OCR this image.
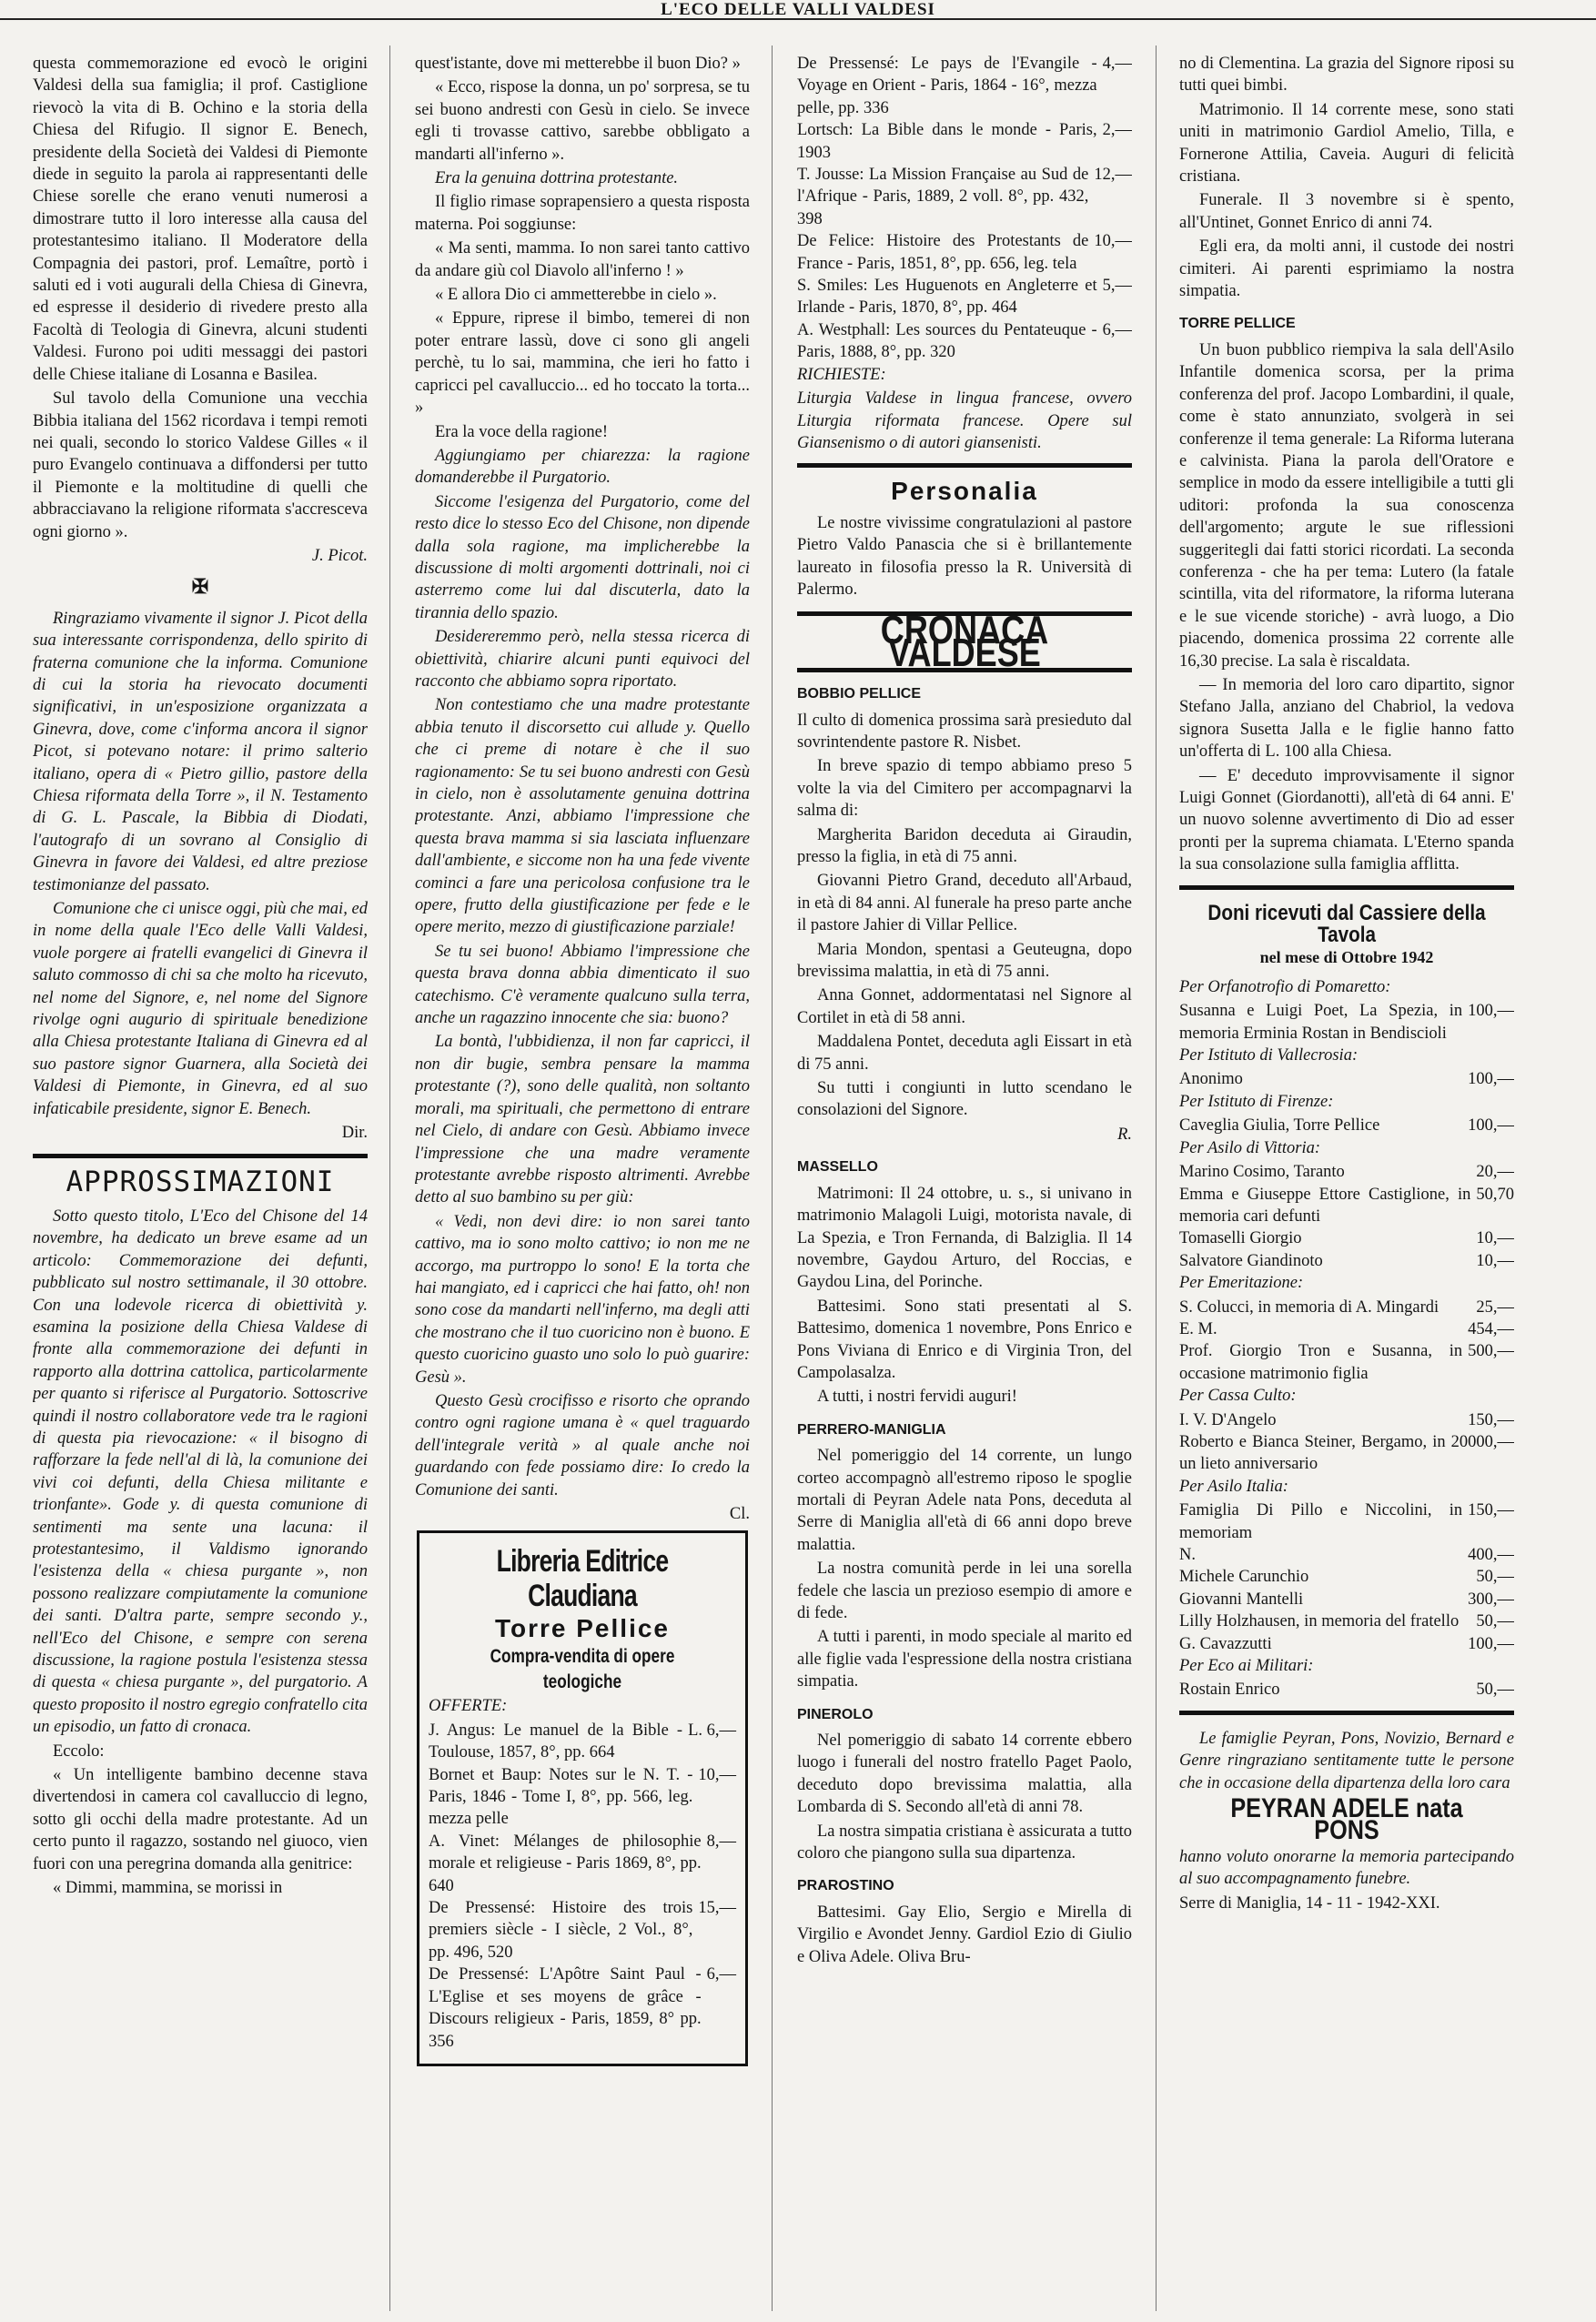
L'ECO DELLE VALLI VALDESI

questa commemorazione ed evocò le origini Valdesi della sua famiglia; il prof. Castiglione rievocò la vita di B. Ochino e la storia della Chiesa del Rifugio. Il signor E. Benech, presidente della Società dei Valdesi di Piemonte diede in seguito la parola ai rappresentanti delle Chiese sorelle che erano venuti numerosi a dimostrare tutto il loro interesse alla causa del protestantesimo italiano. Il Moderatore della Compagnia dei pastori, prof. Lemaître, portò i saluti ed i voti augurali della Chiesa di Ginevra, ed espresse il desiderio di rivedere presto alla Facoltà di Teologia di Ginevra, alcuni studenti Valdesi. Furono poi uditi messaggi dei pastori delle Chiese italiane di Losanna e Basilea.

Sul tavolo della Comunione una vecchia Bibbia italiana del 1562 ricordava i tempi remoti nei quali, secondo lo storico Valdese Gilles « il puro Evangelo continuava a diffondersi per tutto il Piemonte e la moltitudine di quelli che abbracciavano la religione riformata s'accresceva ogni giorno ».

J. Picot.

✠

Ringraziamo vivamente il signor J. Picot della sua interessante corrispondenza, dello spirito di fraterna comunione che la informa. Comunione di cui la storia ha rievocato documenti significativi, in un'esposizione organizzata a Ginevra, dove, come c'informa ancora il signor Picot, si potevano notare: il primo salterio italiano, opera di « Pietro gillio, pastore della Chiesa riformata della Torre », il N. Testamento di G. L. Pascale, la Bibbia di Diodati, l'autografo di un sovrano al Consiglio di Ginevra in favore dei Valdesi, ed altre preziose testimonianze del passato.

Comunione che ci unisce oggi, più che mai, ed in nome della quale l'Eco delle Valli Valdesi, vuole porgere ai fratelli evangelici di Ginevra il saluto commosso di chi sa che molto ha ricevuto, nel nome del Signore, e, nel nome del Signore rivolge ogni augurio di spirituale benedizione alla Chiesa protestante Italiana di Ginevra ed al suo pastore signor Guarnera, alla Società dei Valdesi di Piemonte, in Ginevra, ed al suo infaticabile presidente, signor E. Benech.

Dir.

APPROSSIMAZIONI

Sotto questo titolo, L'Eco del Chisone del 14 novembre, ha dedicato un breve esame ad un articolo: Commemorazione dei defunti, pubblicato sul nostro settimanale, il 30 ottobre. Con una lodevole ricerca di obiettività y. esamina la posizione della Chiesa Valdese di fronte alla commemorazione dei defunti in rapporto alla dottrina cattolica, particolarmente per quanto si riferisce al Purgatorio. Sottoscrive quindi il nostro collaboratore vede tra le ragioni di questa pia rievocazione: « il bisogno di rafforzare la fede nell'al di là, la comunione dei vivi coi defunti, della Chiesa militante e trionfante». Gode y. di questa comunione di sentimenti ma sente una lacuna: il protestantesimo, il Valdismo ignorando l'esistenza della « chiesa purgante », non possono realizzare compiutamente la comunione dei santi. D'altra parte, sempre secondo y., nell'Eco del Chisone, e sempre con serena discussione, la ragione postula l'esistenza stessa di questa « chiesa purgante », del purgatorio. A questo proposito il nostro egregio confratello cita un episodio, un fatto di cronaca.

Eccolo:

« Un intelligente bambino decenne stava divertendosi in camera col cavalluccio di legno, sotto gli occhi della madre protestante. Ad un certo punto il ragazzo, sostando nel giuoco, vien fuori con una peregrina domanda alla genitrice:

« Dimmi, mammina, se morissi in

quest'istante, dove mi metterebbe il buon Dio? »

« Ecco, rispose la donna, un po' sorpresa, se tu sei buono andresti con Gesù in cielo. Se invece egli ti trovasse cattivo, sarebbe obbligato a mandarti all'inferno ».

Era la genuina dottrina protestante.

Il figlio rimase soprapensiero a questa risposta materna. Poi soggiunse:

« Ma senti, mamma. Io non sarei tanto cattivo da andare giù col Diavolo all'inferno ! »

« E allora Dio ci ammetterebbe in cielo ».

« Eppure, riprese il bimbo, temerei di non poter entrare lassù, dove ci sono gli angeli perchè, tu lo sai, mammina, che ieri ho fatto i capricci pel cavalluccio... ed ho toccato la torta... »

Era la voce della ragione!

Aggiungiamo per chiarezza: la ragione domanderebbe il Purgatorio.

Siccome l'esigenza del Purgatorio, come del resto dice lo stesso Eco del Chisone, non dipende dalla sola ragione, ma implicherebbe la discussione di molti argomenti dottrinali, noi ci asterremo come lui dal discuterla, dato la tirannia dello spazio.

Desidereremmo però, nella stessa ricerca di obiettività, chiarire alcuni punti equivoci del racconto che abbiamo sopra riportato.

Non contestiamo che una madre protestante abbia tenuto il discorsetto cui allude y. Quello che ci preme di notare è che il suo ragionamento: Se tu sei buono andresti con Gesù in cielo, non è assolutamente genuina dottrina protestante. Anzi, abbiamo l'impressione che questa brava mamma si sia lasciata influenzare dall'ambiente, e siccome non ha una fede vivente cominci a fare una pericolosa confusione tra le opere, frutto della giustificazione per fede e le opere merito, mezzo di giustificazione parziale!

Se tu sei buono! Abbiamo l'impressione che questa brava donna abbia dimenticato il suo catechismo. C'è veramente qualcuno sulla terra, anche un ragazzino innocente che sia: buono?

La bontà, l'ubbidienza, il non far capricci, il non dir bugie, sembra pensare la mamma protestante (?), sono delle qualità, non soltanto morali, ma spirituali, che permettono di entrare nel Cielo, di andare con Gesù. Abbiamo invece l'impressione che una madre veramente protestante avrebbe risposto altrimenti. Avrebbe detto al suo bambino su per giù:

« Vedi, non devi dire: io non sarei tanto cattivo, ma io sono molto cattivo; io non me ne accorgo, ma purtroppo lo sono! E la torta che hai mangiato, ed i capricci che hai fatto, oh! non sono cose da mandarti nell'inferno, ma degli atti che mostrano che il tuo cuoricino non è buono. E questo cuoricino guasto uno solo lo può guarire: Gesù ».

Questo Gesù crocifisso e risorto che oprando contro ogni ragione umana è « quel traguardo dell'integrale verità » al quale anche noi guardando con fede possiamo dire: Io credo la Comunione dei santi.

Cl.

Libreria Editrice Claudiana
Torre Pellice
Compra-vendita di opere teologiche

OFFERTE:

J. Angus: Le manuel de la Bible - Toulouse, 1857, 8°, pp. 664
L. 6,—
Bornet et Baup: Notes sur le N. T. - Paris, 1846 - Tome I, 8°, pp. 566, leg. mezza pelle
10,—
A. Vinet: Mélanges de philosophie morale et religieuse - Paris 1869, 8°, pp. 640
8,—
De Pressensé: Histoire des trois premiers siècle - I siècle, 2 Vol., 8°, pp. 496, 520
15,—
De Pressensé: L'Apôtre Saint Paul - L'Eglise et ses moyens de grâce - Discours religieux - Paris, 1859, 8° pp. 356
6,—
De Pressensé: Le pays de l'Evangile - Voyage en Orient - Paris, 1864 - 16°, mezza pelle, pp. 336
4,—
Lortsch: La Bible dans le monde - Paris, 1903
2,—
T. Jousse: La Mission Française au Sud de l'Afrique - Paris, 1889, 2 voll. 8°, pp. 432, 398
12,—
De Felice: Histoire des Protestants de France - Paris, 1851, 8°, pp. 656, leg. tela
10,—
S. Smiles: Les Huguenots en Angleterre et Irlande - Paris, 1870, 8°, pp. 464
5,—
A. Westphall: Les sources du Pentateuque - Paris, 1888, 8°, pp. 320
6,—

RICHIESTE:

Liturgia Valdese in lingua francese, ovvero Liturgia riformata francese. Opere sul Giansenismo o di autori giansenisti.

Personalia

Le nostre vivissime congratulazioni al pastore Pietro Valdo Panascia che si è brillantemente laureato in filosofia presso la R. Università di Palermo.

CRONACA VALDESE
BOBBIO PELLICE

Il culto di domenica prossima sarà presieduto dal sovrintendente pastore R. Nisbet.

In breve spazio di tempo abbiamo preso 5 volte la via del Cimitero per accompagnarvi la salma di:

Margherita Baridon deceduta ai Giraudin, presso la figlia, in età di 75 anni.

Giovanni Pietro Grand, deceduto all'Arbaud, in età di 84 anni. Al funerale ha preso parte anche il pastore Jahier di Villar Pellice.

Maria Mondon, spentasi a Geuteugna, dopo brevissima malattia, in età di 75 anni.

Anna Gonnet, addormentatasi nel Signore al Cortilet in età di 58 anni.

Maddalena Pontet, deceduta agli Eissart in età di 75 anni.

Su tutti i congiunti in lutto scendano le consolazioni del Signore.

R.

MASSELLO

Matrimoni: Il 24 ottobre, u. s., si univano in matrimonio Malagoli Luigi, motorista navale, di La Spezia, e Tron Fernanda, di Balziglia. Il 14 novembre, Gaydou Arturo, del Roccias, e Gaydou Lina, del Porinche.

Battesimi. Sono stati presentati al S. Battesimo, domenica 1 novembre, Pons Enrico e Pons Viviana di Enrico e di Virginia Tron, del Campolasalza.

A tutti, i nostri fervidi auguri!

PERRERO-MANIGLIA

Nel pomeriggio del 14 corrente, un lungo corteo accompagnò all'estremo riposo le spoglie mortali di Peyran Adele nata Pons, deceduta al Serre di Maniglia all'età di 66 anni dopo breve malattia.

La nostra comunità perde in lei una sorella fedele che lascia un prezioso esempio di amore e di fede.

A tutti i parenti, in modo speciale al marito ed alle figlie vada l'espressione della nostra cristiana simpatia.

PINEROLO

Nel pomeriggio di sabato 14 corrente ebbero luogo i funerali del nostro fratello Paget Paolo, deceduto dopo brevissima malattia, alla Lombarda di S. Secondo all'età di anni 78.

La nostra simpatia cristiana è assicurata a tutto coloro che piangono sulla sua dipartenza.

PRAROSTINO

Battesimi. Gay Elio, Sergio e Mirella di Virgilio e Avondet Jenny. Gardiol Ezio di Giulio e Oliva Adele. Oliva Bru-

no di Clementina. La grazia del Signore riposi su tutti quei bimbi.

Matrimonio. Il 14 corrente mese, sono stati uniti in matrimonio Gardiol Amelio, Tilla, e Fornerone Attilia, Caveia. Auguri di felicità cristiana.

Funerale. Il 3 novembre si è spento, all'Untinet, Gonnet Enrico di anni 74.

Egli era, da molti anni, il custode dei nostri cimiteri. Ai parenti esprimiamo la nostra simpatia.

TORRE PELLICE

Un buon pubblico riempiva la sala dell'Asilo Infantile domenica scorsa, per la prima conferenza del prof. Jacopo Lombardini, il quale, come è stato annunziato, svolgerà in sei conferenze il tema generale: La Riforma luterana e calvinista. Piana la parola dell'Oratore e semplice in modo da essere intelligibile a tutti gli uditori: profonda la sua conoscenza dell'argomento; argute le sue riflessioni suggeritegli dai fatti storici ricordati. La seconda conferenza - che ha per tema: Lutero (la fatale scintilla, vita del riformatore, la riforma luterana e le sue vicende storiche) - avrà luogo, a Dio piacendo, domenica prossima 22 corrente alle 16,30 precise. La sala è riscaldata.

— In memoria del loro caro dipartito, signor Stefano Jalla, anziano del Chabriol, la vedova signora Susetta Jalla e le figlie hanno fatto un'offerta di L. 100 alla Chiesa.

— E' deceduto improvvisamente il signor Luigi Gonnet (Giordanotti), all'età di 64 anni. E' un nuovo solenne avvertimento di Dio ad esser pronti per la suprema chiamata. L'Eterno spanda la sua consolazione sulla famiglia afflitta.

Doni ricevuti dal Cassiere della Tavola
nel mese di Ottobre 1942

Per Orfanotrofio di Pomaretto:

Susanna e Luigi Poet, La Spezia, in memoria Erminia Rostan in Bendiscioli
100,—

Per Istituto di Vallecrosia:

Anonimo	100,—

Per Istituto di Firenze:

Caveglia Giulia, Torre Pellice	100,—

Per Asilo di Vittoria:

Marino Cosimo, Taranto	20,—
Emma e Giuseppe Ettore Castiglione, in memoria cari defunti
50,70
Tomaselli Giorgio	10,—
Salvatore Giandinoto	10,—

Per Emeritazione:

S. Colucci, in memoria di A. Mingardi	25,—
E. M.	454,—
Prof. Giorgio Tron e Susanna, in occasione matrimonio figlia
500,—

Per Cassa Culto:

I. V. D'Angelo	150,—
Roberto e Bianca Steiner, Bergamo, in un lieto anniversario
20000,—

Per Asilo Italia:

Famiglia Di Pillo e Niccolini, in memoriam
150,—
N.	400,—
Michele Carunchio	50,—
Giovanni Mantelli	300,—
Lilly Holzhausen, in memoria del fratello	50,—
G. Cavazzutti	100,—

Per Eco ai Militari:

Rostain Enrico	50,—

Le famiglie Peyran, Pons, Novizio, Bernard e Genre ringraziano sentitamente tutte le persone che in occasione della dipartenza della loro cara

PEYRAN ADELE nata PONS

hanno voluto onorarne la memoria partecipando al suo accompagnamento funebre.

Serre di Maniglia, 14 - 11 - 1942-XXI.
